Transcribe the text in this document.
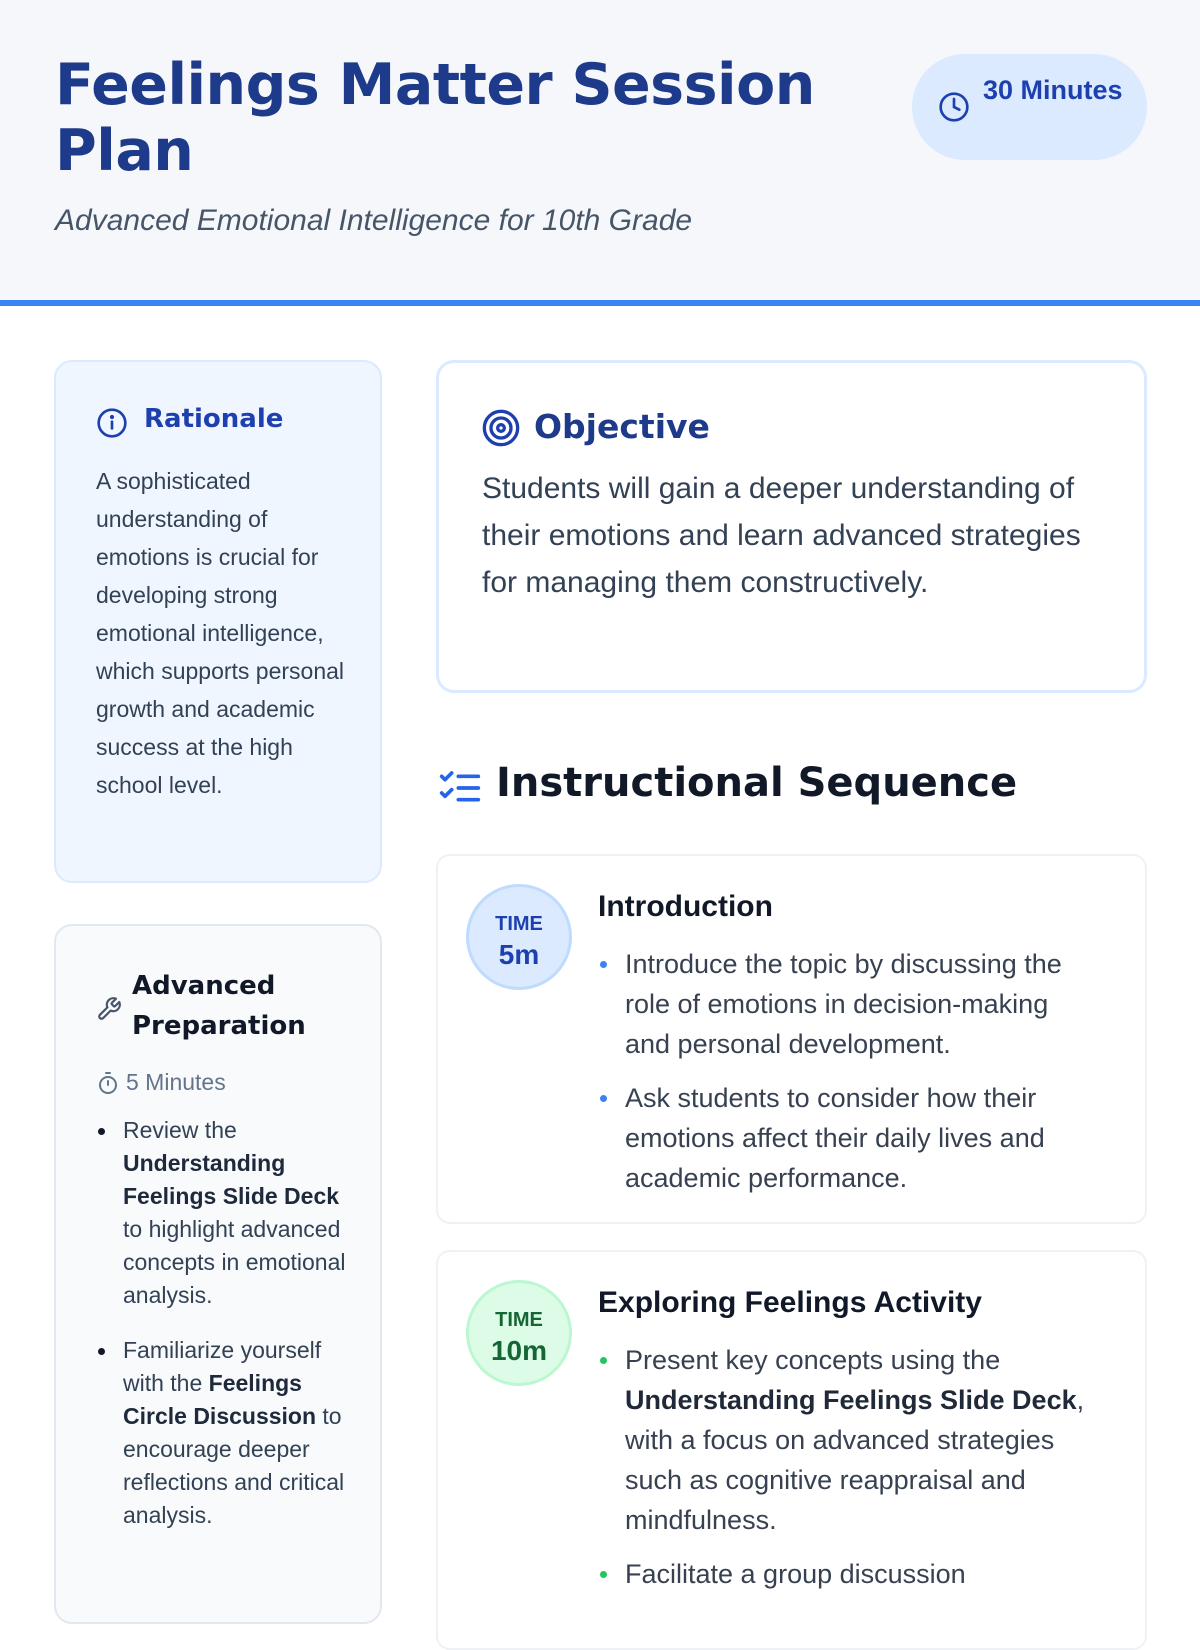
Feelings Matter Session Plan
Advanced Emotional Intelligence for 10th Grade
30 Minutes
Rationale
A sophisticated understanding of emotions is crucial for developing strong emotional intelligence, which supports personal growth and academic success at the high school level.
Advanced Preparation
5 Minutes
Review the Understanding Feelings Slide Deck to highlight advanced concepts in emotional analysis.
Familiarize yourself with the Feelings Circle Discussion to encourage deeper reflections and critical analysis.
Objective
Students will gain a deeper understanding of their emotions and learn advanced strategies for managing them constructively.
Instructional Sequence
TIME
5m
Introduction
Introduce the topic by discussing the role of emotions in decision-making and personal development.
Ask students to consider how their emotions affect their daily lives and academic performance.
TIME
10m
Exploring Feelings Activity
Present key concepts using the Understanding Feelings Slide Deck, with a focus on advanced strategies such as cognitive reappraisal and mindfulness.
Facilitate a group discussion
